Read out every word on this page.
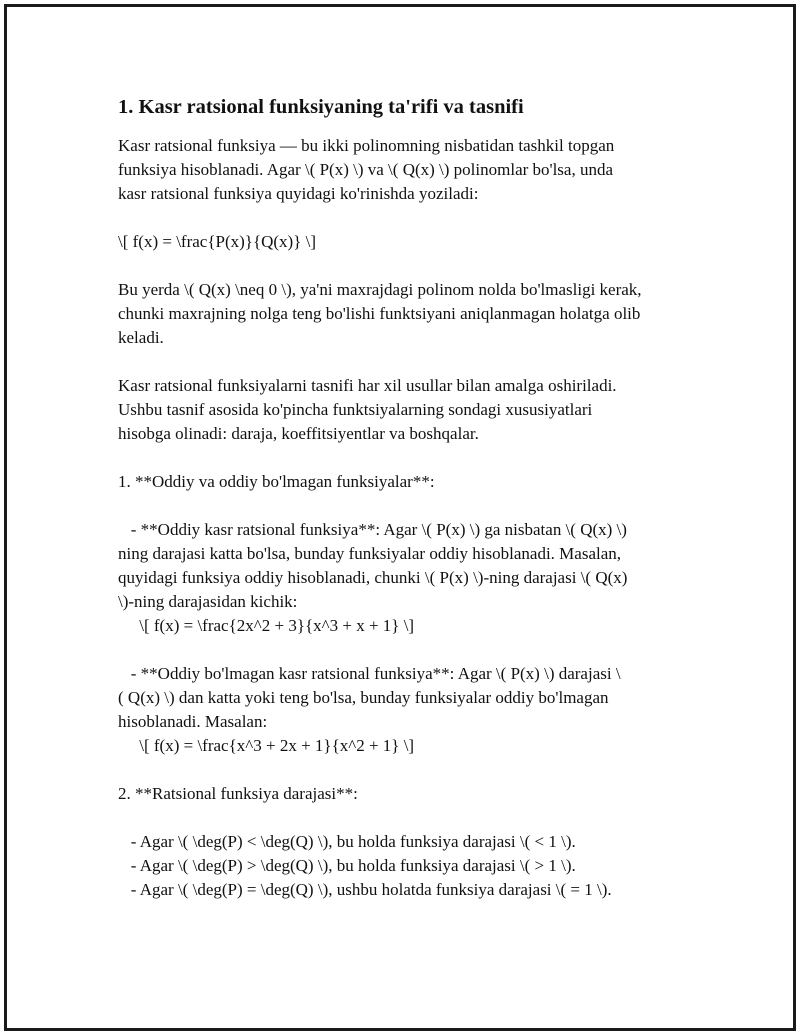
1. Kasr ratsional funksiyaning ta'rifi va tasnifi
Kasr ratsional funksiya — bu ikki polinomning nisbatidan tashkil topgan
funksiya hisoblanadi. Agar \( P(x) \) va \( Q(x) \) polinomlar bo'lsa, unda
kasr ratsional funksiya quyidagi ko'rinishda yoziladi:
\[ f(x) = \frac{P(x)}{Q(x)} \]
Bu yerda \( Q(x) \neq 0 \), ya'ni maxrajdagi polinom nolda bo'lmasligi kerak,
chunki maxrajning nolga teng bo'lishi funktsiyani aniqlanmagan holatga olib
keladi.
Kasr ratsional funksiyalarni tasnifi har xil usullar bilan amalga oshiriladi.
Ushbu tasnif asosida ko'pincha funktsiyalarning sondagi xususiyatlari
hisobga olinadi: daraja, koeffitsiyentlar va boshqalar.
1. **Oddiy va oddiy bo'lmagan funksiyalar**:
- **Oddiy kasr ratsional funksiya**: Agar \( P(x) \) ga nisbatan \( Q(x) \)
ning darajasi katta bo'lsa, bunday funksiyalar oddiy hisoblanadi. Masalan,
quyidagi funksiya oddiy hisoblanadi, chunki \( P(x) \)-ning darajasi \( Q(x)
\)-ning darajasidan kichik:
\[ f(x) = \frac{2x^2 + 3}{x^3 + x + 1} \]
- **Oddiy bo'lmagan kasr ratsional funksiya**: Agar \( P(x) \) darajasi \
( Q(x) \) dan katta yoki teng bo'lsa, bunday funksiyalar oddiy bo'lmagan
hisoblanadi. Masalan:
\[ f(x) = \frac{x^3 + 2x + 1}{x^2 + 1} \]
2. **Ratsional funksiya darajasi**:
- Agar \( \deg(P) < \deg(Q) \), bu holda funksiya darajasi \( < 1 \).
- Agar \( \deg(P) > \deg(Q) \), bu holda funksiya darajasi \( > 1 \).
- Agar \( \deg(P) = \deg(Q) \), ushbu holatda funksiya darajasi \( = 1 \).
